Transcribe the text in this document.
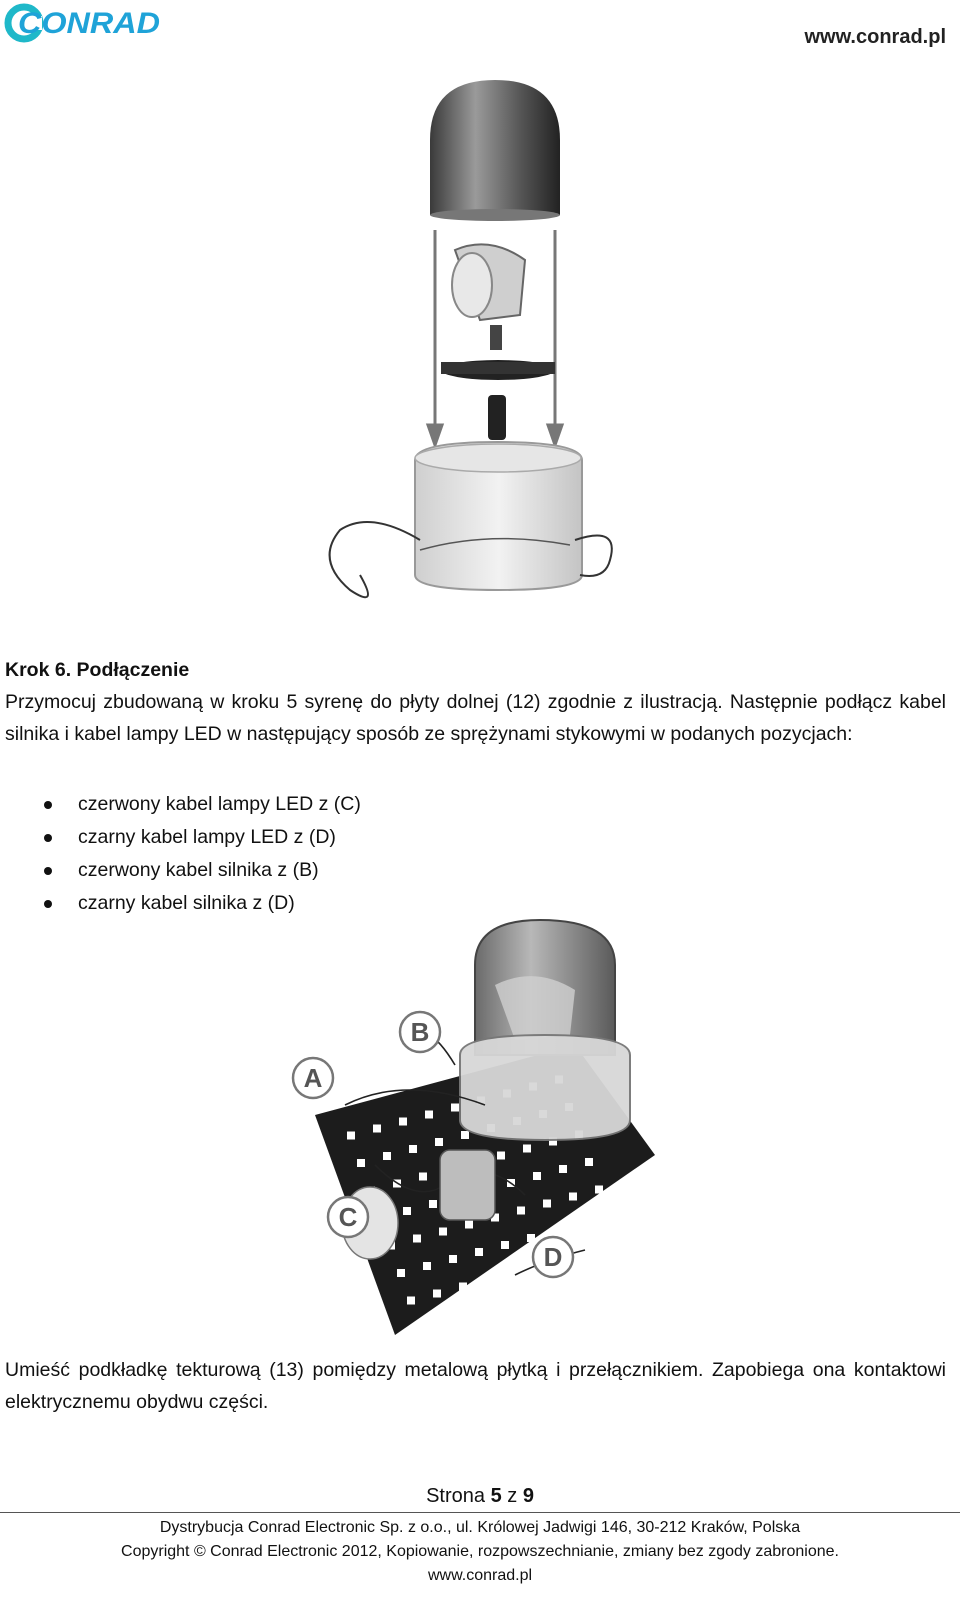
CONRAD	www.conrad.pl
Krok 6. Podłączenie
Przymocuj zbudowaną w kroku 5 syrenę do płyty dolnej (12) zgodnie z ilustracją. Następnie podłącz kabel silnika i kabel lampy LED w następujący sposób ze sprężynami stykowymi w podanych pozycjach:
czerwony kabel lampy LED z (C)
czarny kabel lampy LED z (D)
czerwony kabel silnika z (B)
czarny kabel silnika z (D)
A
B
C
D
Umieść podkładkę tekturową (13) pomiędzy metalową płytką i przełącznikiem. Zapobiega ona kontaktowi elektrycznemu obydwu części.
Strona 5 z 9
Dystrybucja Conrad Electronic Sp. z o.o., ul. Królowej Jadwigi 146, 30-212 Kraków, Polska
Copyright © Conrad Electronic 2012, Kopiowanie, rozpowszechnianie, zmiany bez zgody zabronione.
www.conrad.pl
